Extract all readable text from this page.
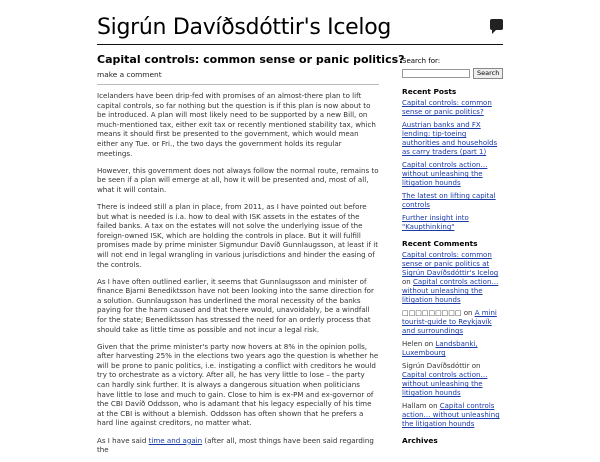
Sigrún Davíðsdóttir's Icelog
Capital controls: common sense or panic politics?
make a comment

Icelanders have been drip-fed with promises of an almost-there plan to lift capital controls, so far nothing but the question is if this plan is now about to be introduced. A plan will most likely need to be supported by a new Bill, on much-mentioned tax, either exit tax or recently mentioned stability tax, which means it should first be presented to the government, which would mean either any Tue. or Fri., the two days the government holds its regular meetings.

However, this government does not always follow the normal route, remains to be seen if a plan will emerge at all, how it will be presented and, most of all, what it will contain.

There is indeed still a plan in place, from 2011, as I have pointed out before but what is needed is i.a. how to deal with ISK assets in the estates of the failed banks. A tax on the estates will not solve the underlying issue of the foreign-owned ISK, which are holding the controls in place. But it will fulfill promises made by prime minister Sigmundur Davíð Gunnlaugsson, at least if it will not end in legal wrangling in various jurisdictions and hinder the easing of the controls.

As I have often outlined earlier, it seems that Gunnlaugsson and minister of finance Bjarni Benediktsson have not been looking into the same direction for a solution. Gunnlaugsson has underlined the moral necessity of the banks paying for the harm caused and that there would, unavoidably, be a windfall for the state; Benediktsson has stressed the need for an orderly process that should take as little time as possible and not incur a legal risk.

Given that the prime minister's party now hovers at 8% in the opinion polls, after harvesting 25% in the elections two years ago the question is whether he will be prone to panic politics, i.e. instigating a conflict with creditors he would try to orchestrate as a victory. After all, he has very little to lose – the party can hardly sink further. It is always a dangerous situation when politicians have little to lose and much to gain. Close to him is ex-PM and ex-governor of the CBI Davíð Oddsson, who is adamant that his legacy especially of his time at the CBI is without a blemish. Oddsson has often shown that he prefers a hard line against creditors, no matter what.

As I have said time and again (after all, most things have been said regarding the

Search for:
Search
Recent Posts
Capital controls: common sense or panic politics?
Austrian banks and FX lending: tip-toeing authorities and households as carry traders (part 1)
Capital controls action… without unleashing the litigation hounds
The latest on lifting capital controls
Further insight into "Kaupthinking"
Recent Comments
Capital controls: common sense or panic politics at Sigrún Davíðsdóttir's Icelog on Capital controls action… without unleashing the litigation hounds
□□□□□□□□□ on A mini tourist-guide to Reykjavík and surroundings
Helen on Landsbanki, Luxembourg
Sigrún Davíðsdóttir on Capital controls action… without unleashing the litigation hounds
Hallam on Capital controls action… without unleashing the litigation hounds
Archives
